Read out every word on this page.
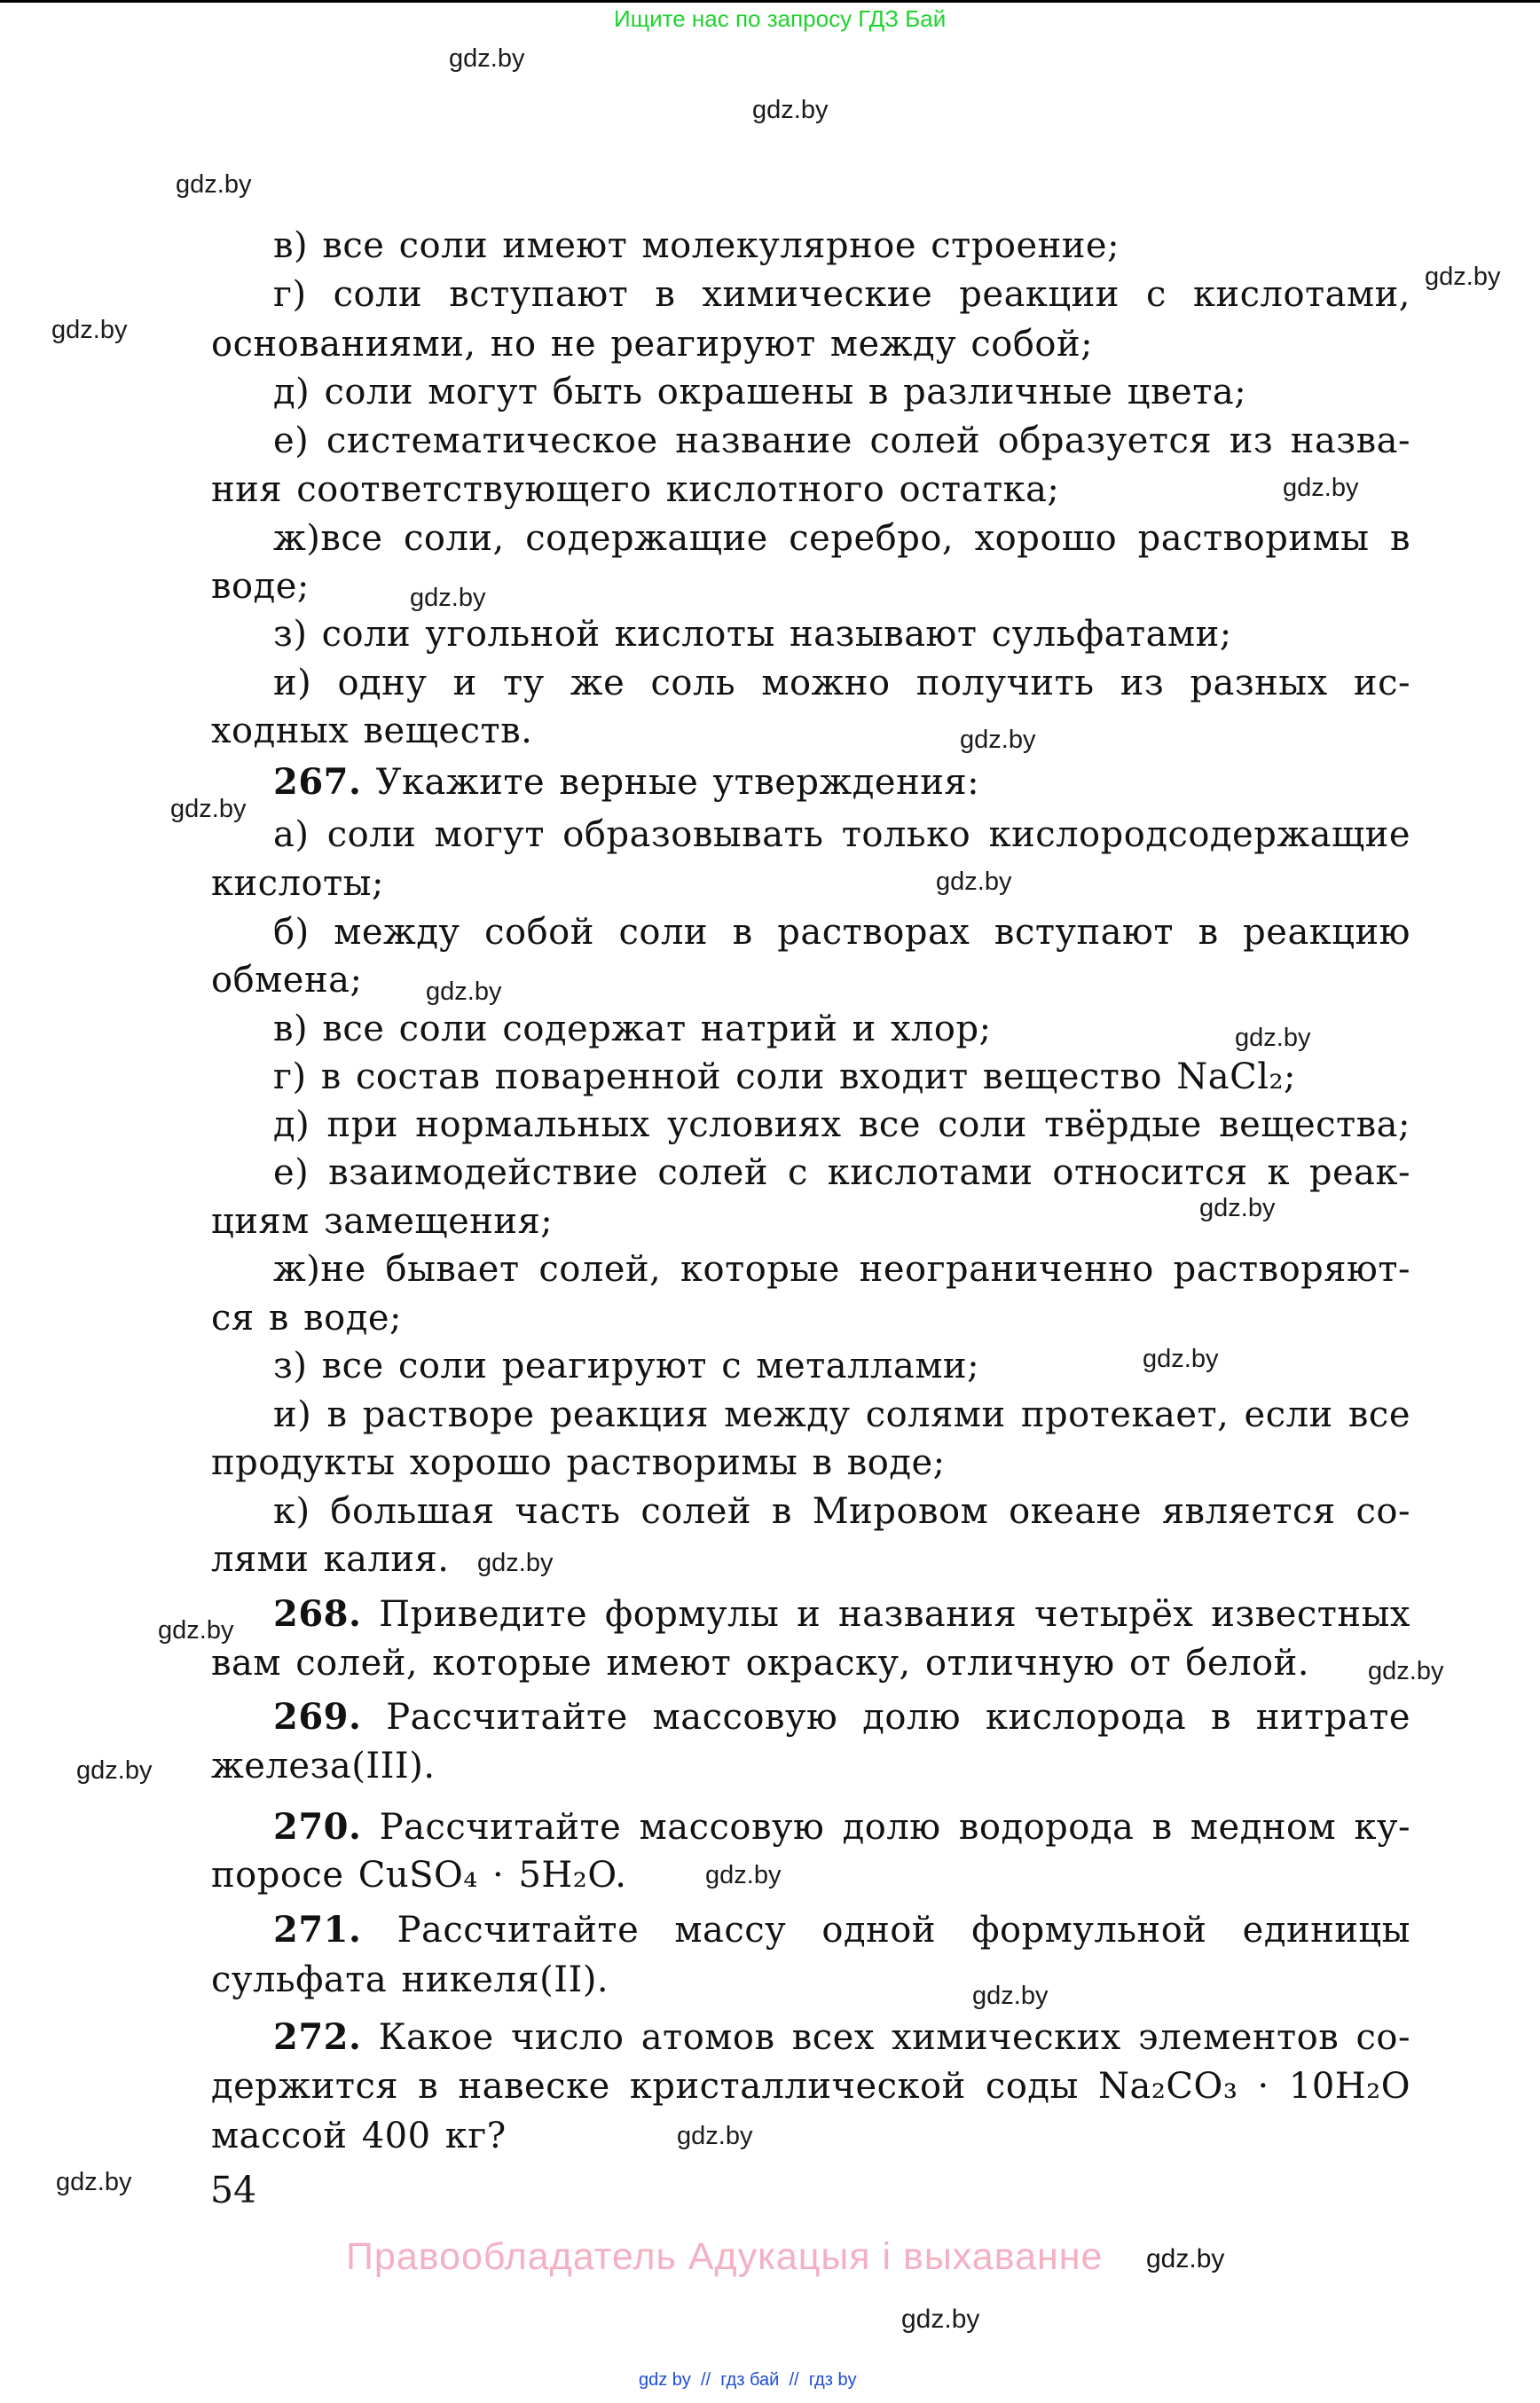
Ищите нас по запросу ГДЗ Бай
gdz.by
gdz.by
gdz.by
gdz.by
gdz.by
gdz.by
gdz.by
gdz.by
gdz.by
gdz.by
gdz.by
gdz.by
gdz.by
gdz.by
gdz.by
gdz.by
gdz.by
gdz.by
gdz.by
gdz.by
gdz.by
gdz.by
gdz.by
в) все соли имеют молекулярное строение;
г) соли вступают в химические реакции с кислотами,
основаниями, но не реагируют между собой;
д) соли могут быть окрашены в различные цвета;
е) систематическое название солей образуется из назва-
ния соответствующего кислотного остатка;
ж)все соли, содержащие серебро, хорошо растворимы в
воде;
з) соли угольной кислоты называют сульфатами;
и) одну и ту же соль можно получить из разных ис-
ходных веществ.
267. Укажите верные утверждения:
а) соли могут образовывать только кислородсодержащие
кислоты;
б) между собой соли в растворах вступают в реакцию
обмена;
в) все соли содержат натрий и хлор;
г) в состав поваренной соли входит вещество NaCl₂;
д) при нормальных условиях все соли твёрдые вещества;
е) взаимодействие солей с кислотами относится к реак-
циям замещения;
ж)не бывает солей, которые неограниченно растворяют-
ся в воде;
з) все соли реагируют с металлами;
и) в растворе реакция между солями протекает, если все
продукты хорошо растворимы в воде;
к) большая часть солей в Мировом океане является со-
лями калия.
268. Приведите формулы и названия четырёх известных
вам солей, которые имеют окраску, отличную от белой.
269. Рассчитайте массовую долю кислорода в нитрате
железа(III).
270. Рассчитайте массовую долю водорода в медном ку-
поросе CuSO₄ · 5H₂O.
271. Рассчитайте массу одной формульной единицы
сульфата никеля(II).
272. Какое число атомов всех химических элементов со-
держится в навеске кристаллической соды Na₂CO₃ · 10H₂O
массой 400 кг?
54
Правообладатель Адукацыя і выхаванне gdz.by
gdz by  //  гдз бай  //  гдз by
